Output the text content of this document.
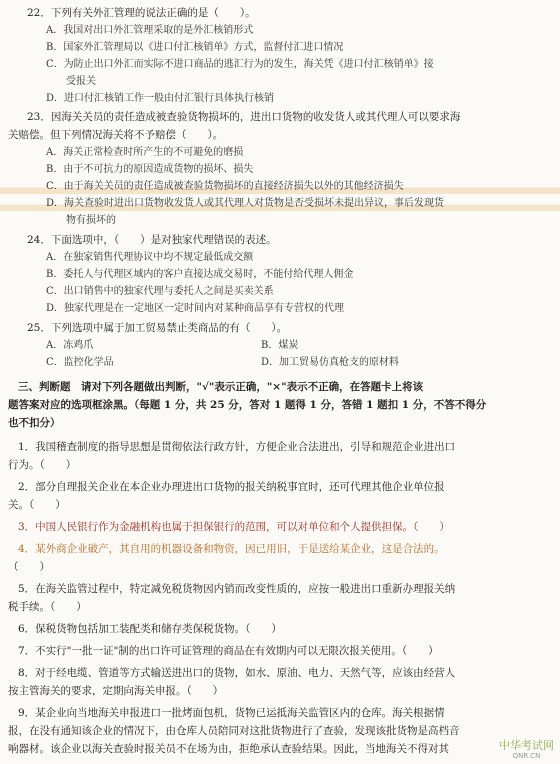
22．下列有关外汇管理的说法正确的是（　　）。
A．我国对出口外汇管理采取的是外汇核销形式
B．国家外汇管理局以《进口付汇核销单》方式，监督付汇进口情况
C．为防止出口外汇而实际不进口商品的逃汇行为的发生，海关凭《进口付汇核销单》接
受报关
D．进口付汇核销工作一般由付汇银行具体执行核销
23．因海关关员的责任造成被查验货物损坏的，进出口货物的收发货人或其代理人可以要求海
关赔偿。但下列情况海关将不予赔偿（　　）。
A．海关正常检查时所产生的不可避免的磨损
B．由于不可抗力的原因造成货物的损坏、损失
C．由于海关关员的责任造成被查验货物损坏的直接经济损失以外的其他经济损失
D．海关查验时进出口货物收发货人或其代理人对货物是否受损坏未提出异议，事后发现货
物有损坏的
24．下面选项中，（　　）是对独家代理错误的表述。
A．在独家销售代理协议中均不规定最低成交额
B．委托人与代理区域内的客户直接达成交易时，不能付给代理人佣金
C．出口销售中的独家代理与委托人之间是买卖关系
D．独家代理是在一定地区一定时间内对某种商品享有专营权的代理
25．下列选项中属于加工贸易禁止类商品的有（　　）。
A．冻鸡爪	B．煤炭
C．监控化学品	D．加工贸易仿真枪支的原材料
三、判断题　请对下列各题做出判断，"√"表示正确，"×"表示不正确，在答题卡上将该
题答案对应的选项框涂黑。（每题 1 分，共 25 分，答对 1 题得 1 分，答错 1 题扣 1 分，不答不得分
也不扣分）
1．我国稽查制度的指导思想是贯彻依法行政方针，方便企业合法进出，引导和规范企业进出口
行为。（　　）
2．部分自理报关企业在本企业办理进出口货物的报关纳税事宜时，还可代理其他企业单位报
关。（　　）
3．中国人民银行作为金融机构也属于担保银行的范围，可以对单位和个人提供担保。（　　）
4．某外商企业破产，其自用的机器设备和物资，因已用旧，于是送给某企业，这是合法的。
（　　）
5．在海关监管过程中，特定减免税货物因内销而改变性质的，应按一般进出口重新办理报关纳
税手续。（　　）
6．保税货物包括加工装配类和储存类保税货物。（　　）
7．不实行"一批一证"制的出口许可证管理的商品在有效期内可以无限次报关使用。（　　）
8．对于经电缆、管道等方式输送进出口的货物，如水、原油、电力、天然气等，应该由经营人
按主管海关的要求，定期向海关申报。（　　）
9．某企业向当地海关申报进口一批烤面包机，货物已运抵海关监管区内的仓库。海关根据情
报，在没有通知该企业的情况下，由仓库人员陪同对这批货物进行了查验，发现该批货物是高档音
响器材。该企业以海关查验时报关员不在场为由，拒绝承认查验结果。因此，当地海关不得对其	中华考试网
QNR.CN
